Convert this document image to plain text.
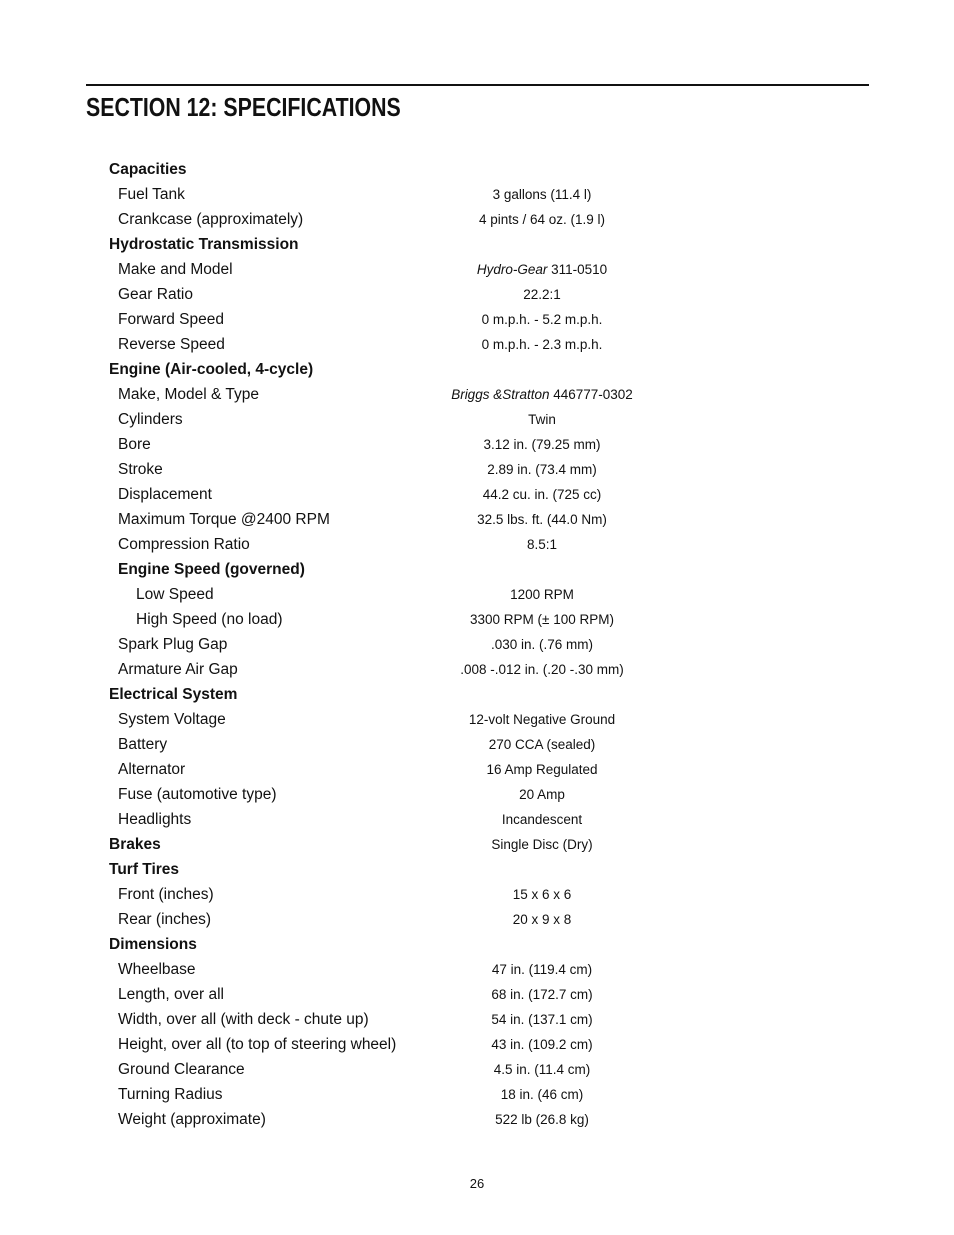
SECTION 12: SPECIFICATIONS
Capacities
Fuel Tank	3 gallons (11.4 l)
Crankcase (approximately)	4 pints / 64 oz. (1.9 l)
Hydrostatic Transmission
Make and Model	Hydro-Gear 311-0510
Gear Ratio	22.2:1
Forward Speed	0 m.p.h. - 5.2 m.p.h.
Reverse Speed	0 m.p.h. - 2.3 m.p.h.
Engine (Air-cooled, 4-cycle)
Make, Model & Type	Briggs &Stratton 446777-0302
Cylinders	Twin
Bore	3.12 in. (79.25 mm)
Stroke	2.89 in. (73.4 mm)
Displacement	44.2 cu. in. (725 cc)
Maximum Torque @2400 RPM	32.5 lbs. ft. (44.0 Nm)
Compression Ratio	8.5:1
Engine Speed (governed)
Low Speed	1200 RPM
High Speed (no load)	3300 RPM (± 100 RPM)
Spark Plug Gap	.030 in. (.76 mm)
Armature Air Gap	.008 -.012 in. (.20 -.30 mm)
Electrical System
System Voltage	12-volt Negative Ground
Battery	270 CCA (sealed)
Alternator	16 Amp Regulated
Fuse (automotive type)	20 Amp
Headlights	Incandescent
Brakes	Single Disc (Dry)
Turf Tires
Front (inches)	15 x 6 x 6
Rear (inches)	20 x 9 x 8
Dimensions
Wheelbase	47 in. (119.4 cm)
Length, over all	68 in. (172.7 cm)
Width, over all (with deck - chute up)	54 in. (137.1 cm)
Height, over all (to top of steering wheel)	43 in. (109.2 cm)
Ground Clearance	4.5 in. (11.4 cm)
Turning Radius	18 in. (46 cm)
Weight (approximate)	522 lb (26.8 kg)
26
